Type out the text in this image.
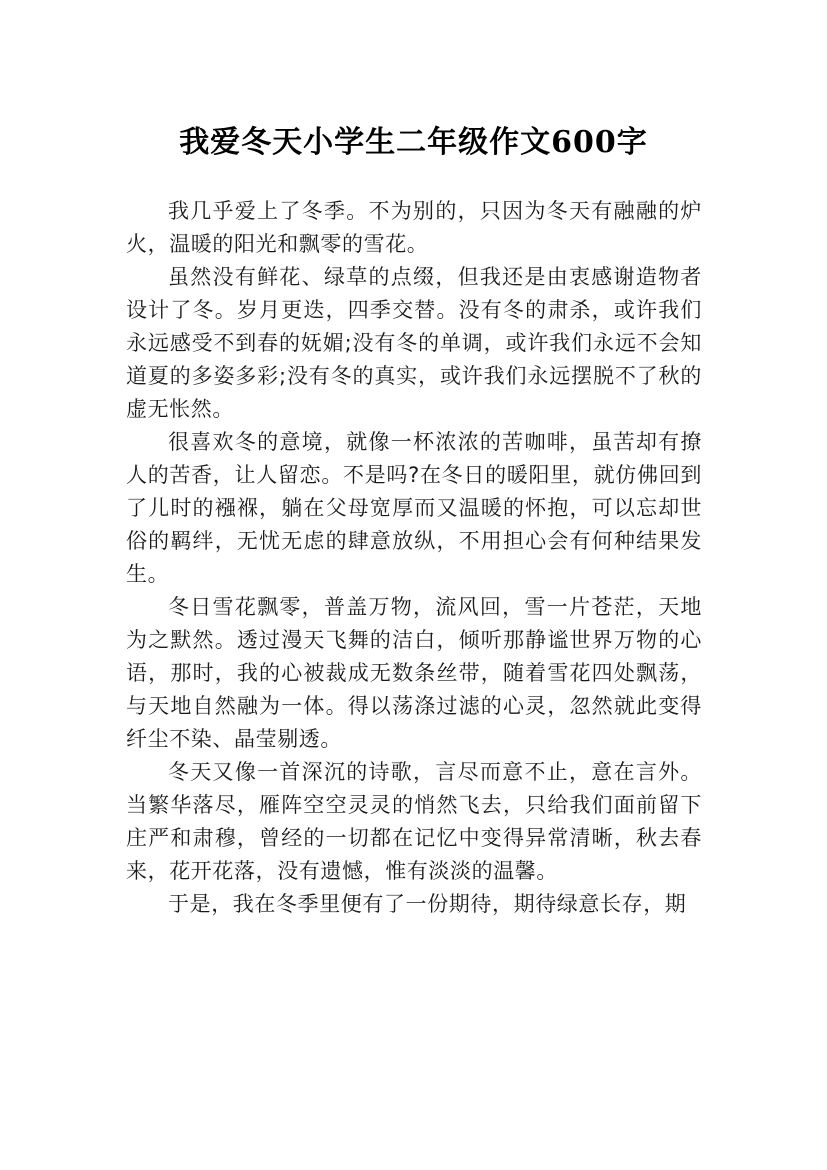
我爱冬天小学生二年级作文600字

我几乎爱上了冬季。不为别的，只因为冬天有融融的炉火，温暖的阳光和飘零的雪花。

虽然没有鲜花、绿草的点缀，但我还是由衷感谢造物者设计了冬。岁月更迭，四季交替。没有冬的肃杀，或许我们永远感受不到春的妩媚;没有冬的单调，或许我们永远不会知道夏的多姿多彩;没有冬的真实，或许我们永远摆脱不了秋的虚无怅然。

很喜欢冬的意境，就像一杯浓浓的苦咖啡，虽苦却有撩人的苦香，让人留恋。不是吗?在冬日的暖阳里，就仿佛回到了儿时的襁褓，躺在父母宽厚而又温暖的怀抱，可以忘却世俗的羁绊，无忧无虑的肆意放纵，不用担心会有何种结果发生。

冬日雪花飘零，普盖万物，流风回，雪一片苍茫，天地为之默然。透过漫天飞舞的洁白，倾听那静谧世界万物的心语，那时，我的心被裁成无数条丝带，随着雪花四处飘荡，与天地自然融为一体。得以荡涤过滤的心灵，忽然就此变得纤尘不染、晶莹剔透。

冬天又像一首深沉的诗歌，言尽而意不止，意在言外。当繁华落尽，雁阵空空灵灵的悄然飞去，只给我们面前留下庄严和肃穆，曾经的一切都在记忆中变得异常清晰，秋去春来，花开花落，没有遗憾，惟有淡淡的温馨。

于是，我在冬季里便有了一份期待，期待绿意长存，期
